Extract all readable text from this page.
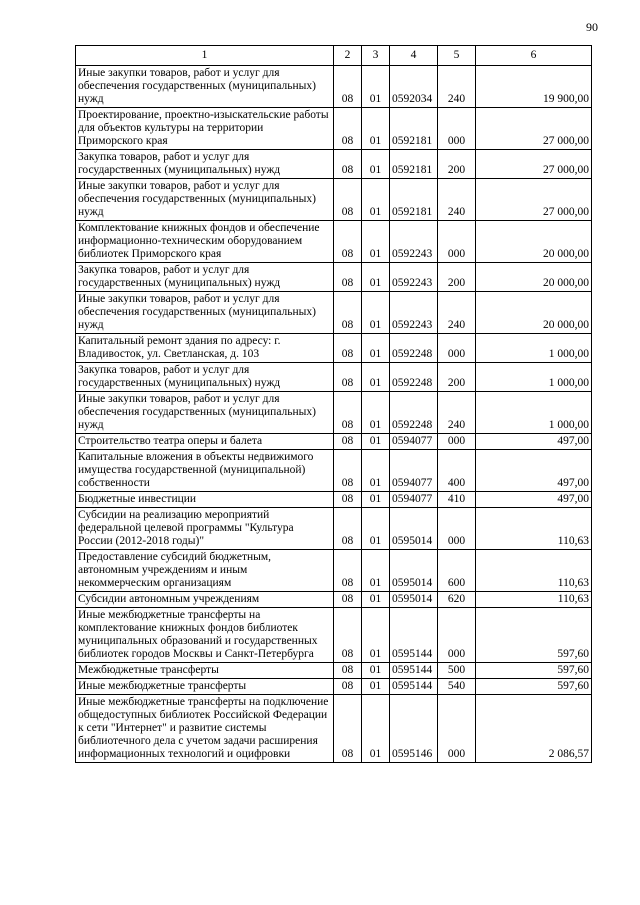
90
1	2	3	4	5	6
Иные закупки товаров, работ и услуг для обеспечения государственных (муниципальных) нужд	08	01	0592034	240	19 900,00
Проектирование, проектно-изыскательские работы для объектов культуры на территории Приморского края	08	01	0592181	000	27 000,00
Закупка товаров, работ и услуг для государственных (муниципальных) нужд	08	01	0592181	200	27 000,00
Иные закупки товаров, работ и услуг для обеспечения государственных (муниципальных) нужд	08	01	0592181	240	27 000,00
Комплектование книжных фондов и обеспечение информационно-техническим оборудованием библиотек Приморского края	08	01	0592243	000	20 000,00
Закупка товаров, работ и услуг для государственных (муниципальных) нужд	08	01	0592243	200	20 000,00
Иные закупки товаров, работ и услуг для обеспечения государственных (муниципальных) нужд	08	01	0592243	240	20 000,00
Капитальный ремонт здания по адресу: г. Владивосток, ул. Светланская, д. 103	08	01	0592248	000	1 000,00
Закупка товаров, работ и услуг для государственных (муниципальных) нужд	08	01	0592248	200	1 000,00
Иные закупки товаров, работ и услуг для обеспечения государственных (муниципальных) нужд	08	01	0592248	240	1 000,00
Строительство театра оперы и балета	08	01	0594077	000	497,00
Капитальные вложения в объекты недвижимого имущества государственной (муниципальной) собственности	08	01	0594077	400	497,00
Бюджетные инвестиции	08	01	0594077	410	497,00
Субсидии на реализацию мероприятий федеральной целевой программы "Культура России (2012-2018 годы)"	08	01	0595014	000	110,63
Предоставление субсидий бюджетным, автономным учреждениям и иным некоммерческим организациям	08	01	0595014	600	110,63
Субсидии автономным учреждениям	08	01	0595014	620	110,63
Иные межбюджетные трансферты на комплектование книжных фондов библиотек муниципальных образований и государственных библиотек городов Москвы и Санкт-Петербурга	08	01	0595144	000	597,60
Межбюджетные трансферты	08	01	0595144	500	597,60
Иные межбюджетные трансферты	08	01	0595144	540	597,60
Иные межбюджетные трансферты на подключение общедоступных библиотек Российской Федерации к сети "Интернет" и развитие системы библиотечного дела с учетом задачи расширения информационных технологий и оцифровки	08	01	0595146	000	2 086,57
